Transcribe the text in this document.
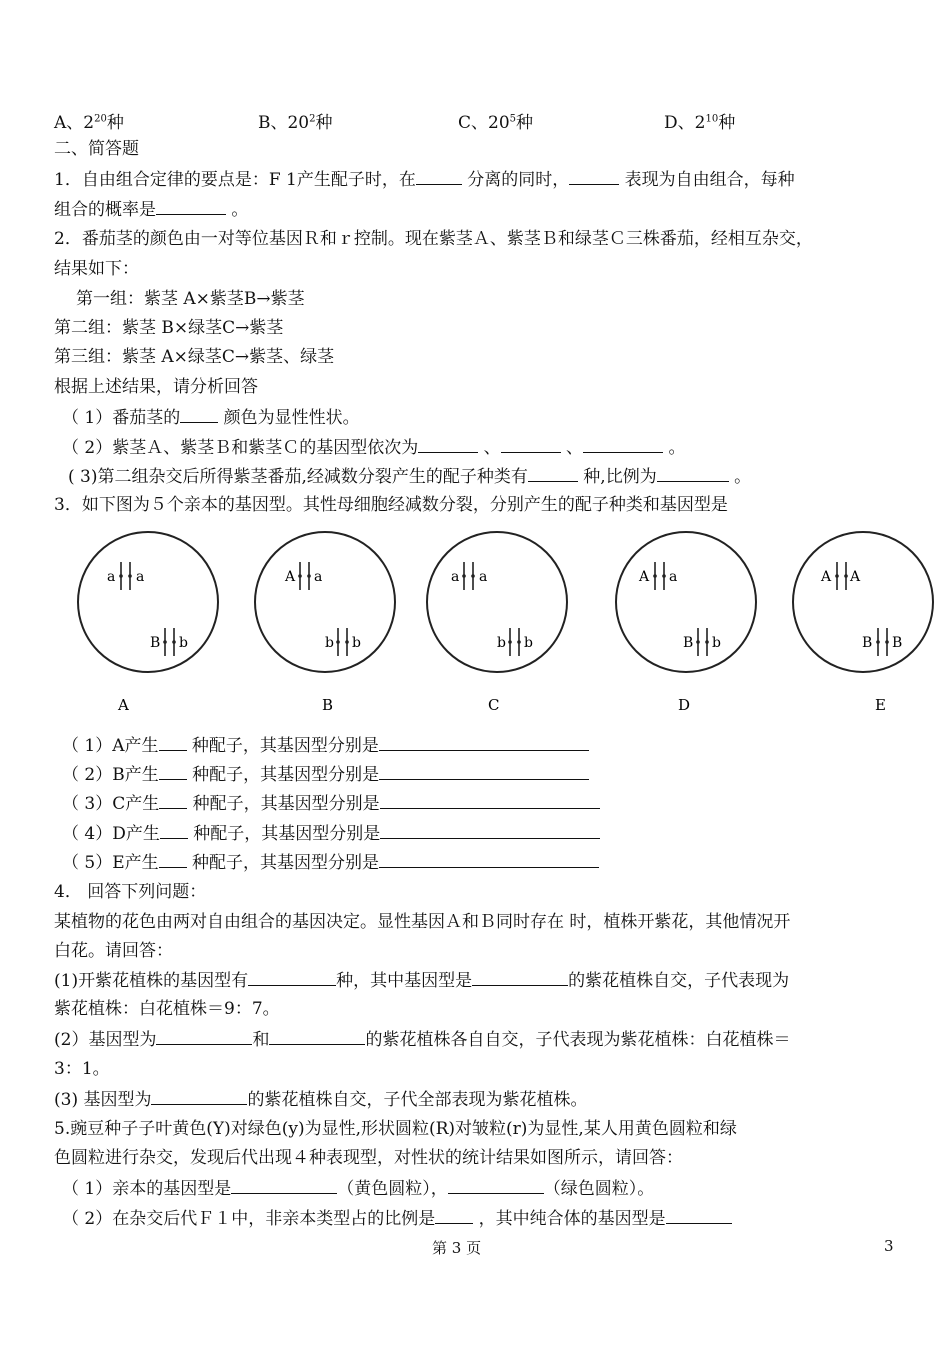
A、$2^{20}$种	B、$20^2$种	C、$20^5$种	D、$2^{10}$种
二、简答题
1．自由组合定律的要点是：F 1产生配子时，在	分离的同时，	表现为自由组合，每种
组合的概率是	。
2．番茄茎的颜色由一对等位基因Ｒ和ｒ控制。现在紫茎Ａ、紫茎Ｂ和绿茎Ｃ三株番茄，经相互杂交，
结果如下：
第一组：紫茎 A×紫茎B→紫茎
第二组：紫茎 B×绿茎C→紫茎
第三组：紫茎 A×绿茎C→紫茎、绿茎
根据上述结果，请分析回答
（ 1）番茄茎的 颜色为显性性状。
（ 2）紫茎Ａ、紫茎Ｂ和紫茎Ｃ的基因型依次为	、	、	。
( 3)第二组杂交后所得紫茎番茄,经减数分裂产生的配子种类有	种,比例为	。
3．如下图为５个亲本的基因型。其性母细胞经减数分裂，分别产生的配子种类和基因型是
a a
B b
A
A a
b b
B
a a
b b
C
A a
B b
D
A A
B B
E
（ 1）A产生 种配子，其基因型分别是
（ 2）B产生 种配子，其基因型分别是
（ 3）C产生 种配子，其基因型分别是
（ 4）D产生 种配子，其基因型分别是
（ 5）E产生 种配子，其基因型分别是
4． 回答下列问题：
某植物的花色由两对自由组合的基因决定。显性基因Ａ和Ｂ同时存在 时，植株开紫花，其他情况开
白花。请回答：
(1)开紫花植株的基因型有	种，其中基因型是	的紫花植株自交，子代表现为
紫花植株：白花植株＝9：7。
(2）基因型为	和	的紫花植株各自自交，子代表现为紫花植株：白花植株＝
3：1。
(3) 基因型为	的紫花植株自交，子代全部表现为紫花植株。
5.豌豆种子子叶黄色(Y)对绿色(y)为显性,形状圆粒(R)对皱粒(r)为显性,某人用黄色圆粒和绿
色圆粒进行杂交，发现后代出现４种表现型，对性状的统计结果如图所示，请回答：
（ 1）亲本的基因型是	（黄色圆粒），	（绿色圆粒）。
（ 2）在杂交后代Ｆ１中，非亲本类型占的比例是 ，其中纯合体的基因型是
第 3 页	3
